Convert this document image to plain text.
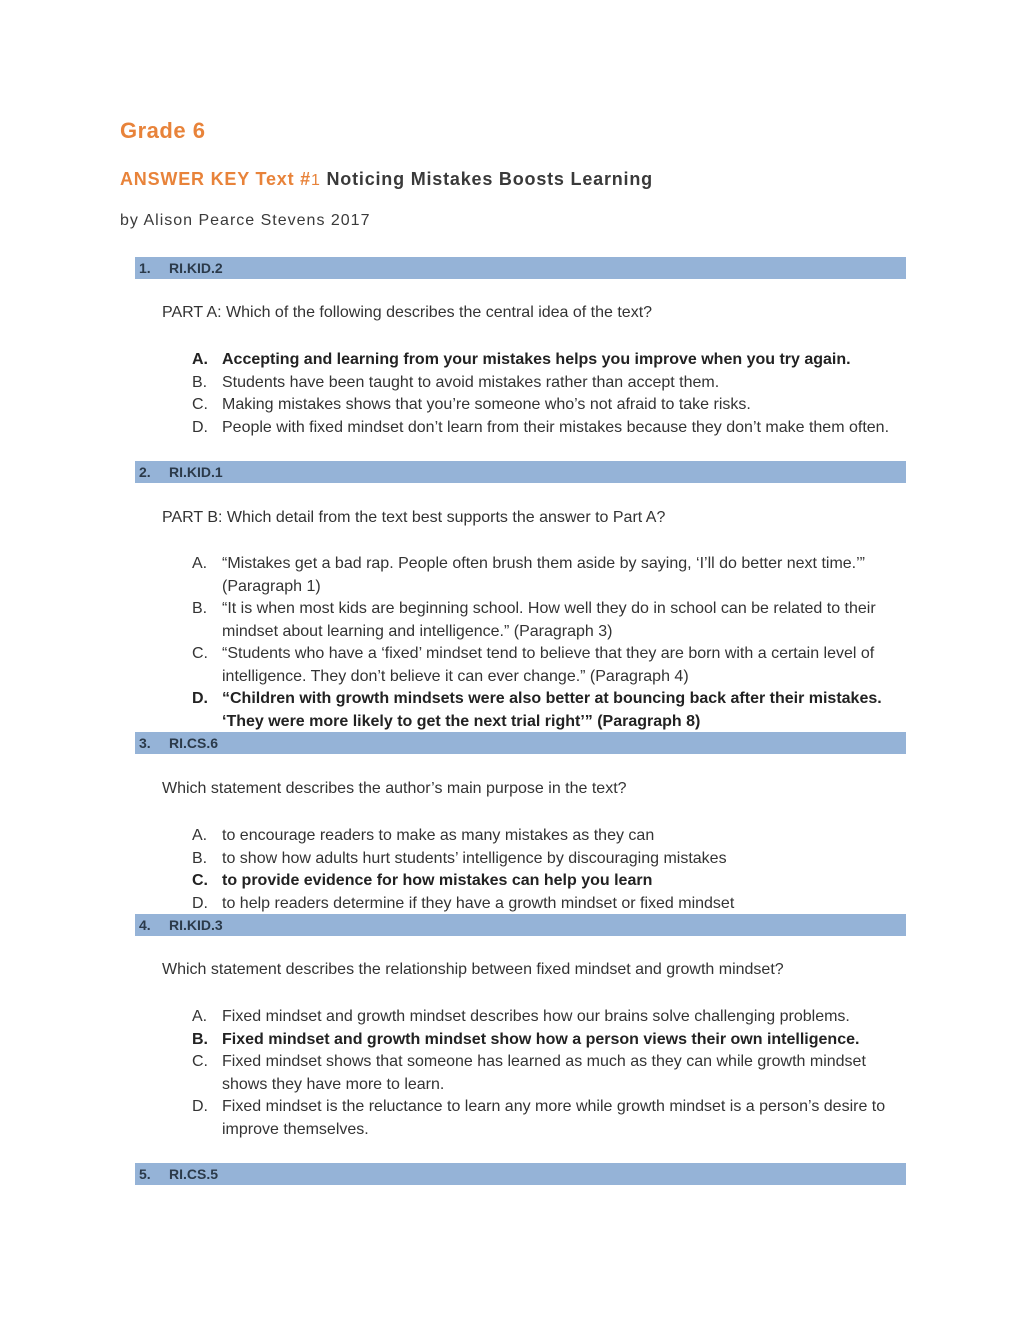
Grade 6

ANSWER KEY Text #1 Noticing Mistakes Boosts Learning

by Alison Pearce Stevens 2017

1. RI.KID.2

PART A: Which of the following describes the central idea of the text?

A. Accepting and learning from your mistakes helps you improve when you try again.
B. Students have been taught to avoid mistakes rather than accept them.
C. Making mistakes shows that you’re someone who’s not afraid to take risks.
D. People with fixed mindset don’t learn from their mistakes because they don’t make them often.
2. RI.KID.1

PART B: Which detail from the text best supports the answer to Part A?

A. “Mistakes get a bad rap. People often brush them aside by saying, ‘I’ll do better next time.’” (Paragraph 1)
B. “It is when most kids are beginning school. How well they do in school can be related to their mindset about learning and intelligence.” (Paragraph 3)
C. “Students who have a ‘fixed’ mindset tend to believe that they are born with a certain level of intelligence. They don’t believe it can ever change.” (Paragraph 4)
D. “Children with growth mindsets were also better at bouncing back after their mistakes. ‘They were more likely to get the next trial right’” (Paragraph 8)
3. RI.CS.6

Which statement describes the author’s main purpose in the text?

A. to encourage readers to make as many mistakes as they can
B. to show how adults hurt students’ intelligence by discouraging mistakes
C. to provide evidence for how mistakes can help you learn
D. to help readers determine if they have a growth mindset or fixed mindset
4. RI.KID.3

Which statement describes the relationship between fixed mindset and growth mindset?

A. Fixed mindset and growth mindset describes how our brains solve challenging problems.
B. Fixed mindset and growth mindset show how a person views their own intelligence.
C. Fixed mindset shows that someone has learned as much as they can while growth mindset shows they have more to learn.
D. Fixed mindset is the reluctance to learn any more while growth mindset is a person’s desire to improve themselves.
5. RI.CS.5
